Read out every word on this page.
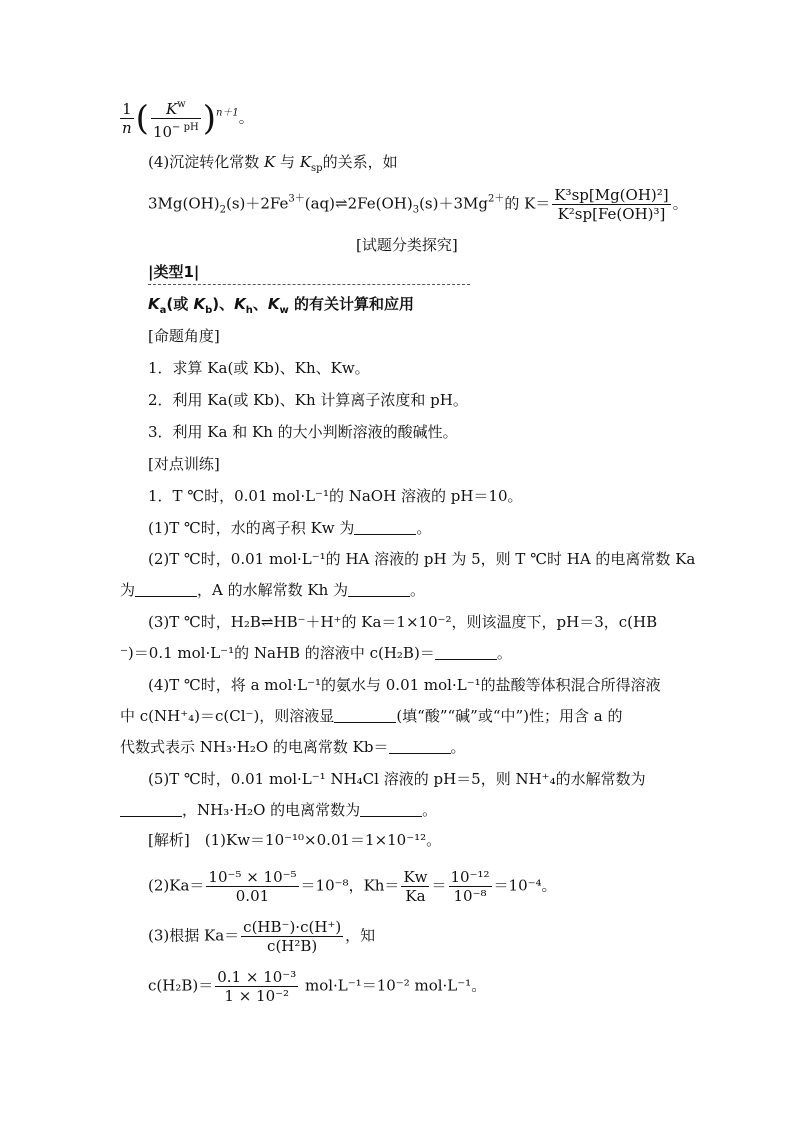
$\frac{1}{n}$ ( $\frac{K^w}{10^{- pH}} )^{n+1}$。
(4)沉淀转化常数 K 与 $K_{sp}$的关系，如
$3Mg(OH)_2(s)+2Fe^{3+}(aq)\rightleftharpoons 2Fe(OH)_3(s)+3Mg^{2+}$的 $K= \frac{\text{K³sp[Mg(OH)²]}}{\text{K²sp[Fe(OH)³]}}$ 。
[试题分类探究]
|类型1|
$K_a$(或 $K_b$)、$K_h$、$K_w$ 的有关计算和应用
[命题角度]
1．求算 Ka(或 Kb)、Kh、Kw。
2．利用 Ka(或 Kb)、Kh 计算离子浓度和 pH。
3．利用 Ka 和 Kh 的大小判断溶液的酸碱性。
[对点训练]
1．T ℃时，0.01 mol·L⁻¹的 NaOH 溶液的 pH＝10。
(1)T ℃时，水的离子积 Kw 为	。
(2)T ℃时，0.01 mol·L⁻¹的 HA 溶液的 pH 为 5，则 T ℃时 HA 的电离常数 Ka
为	，A 的水解常数 Kh 为	。
(3)T ℃时，H₂B⇌HB⁻＋H⁺的 Ka＝1×10⁻²，则该温度下，pH＝3，c(HB
⁻)＝0.1 mol·L⁻¹的 NaHB 的溶液中 c(H₂B)＝	。
(4)T ℃时，将 a mol·L⁻¹的氨水与 0.01 mol·L⁻¹的盐酸等体积混合所得溶液
中 c(NH⁺₄)＝c(Cl⁻)，则溶液显	(填“酸”“碱”或“中”)性；用含 a 的
代数式表示 NH₃·H₂O 的电离常数 Kb＝	。
(5)T ℃时，0.01 mol·L⁻¹ NH₄Cl 溶液的 pH＝5，则 NH⁺₄的水解常数为
，NH₃·H₂O 的电离常数为	。
[解析]　 (1)Kw＝10⁻¹⁰×0.01＝1×10⁻¹²。
$(2)Ka= \frac{\text{10⁻⁵ × 10⁻⁵}}{0.01} =10^{-8}$，$Kh= \frac{Kw}{Ka} = \frac{\text{10⁻¹²}}{\text{10⁻⁸}} =10^{-4}$。
(3)根据 $Ka= \frac{c(HB^-)\cdot c(H^+)}{\text{c(H²B)}}$ ，知
$c(H_2B)= \frac{\text{0.1 × 10⁻³}}{\text{1 × 10⁻²}} mol\cdot L^{-1}=10^{-2}$ mol·L⁻¹。
